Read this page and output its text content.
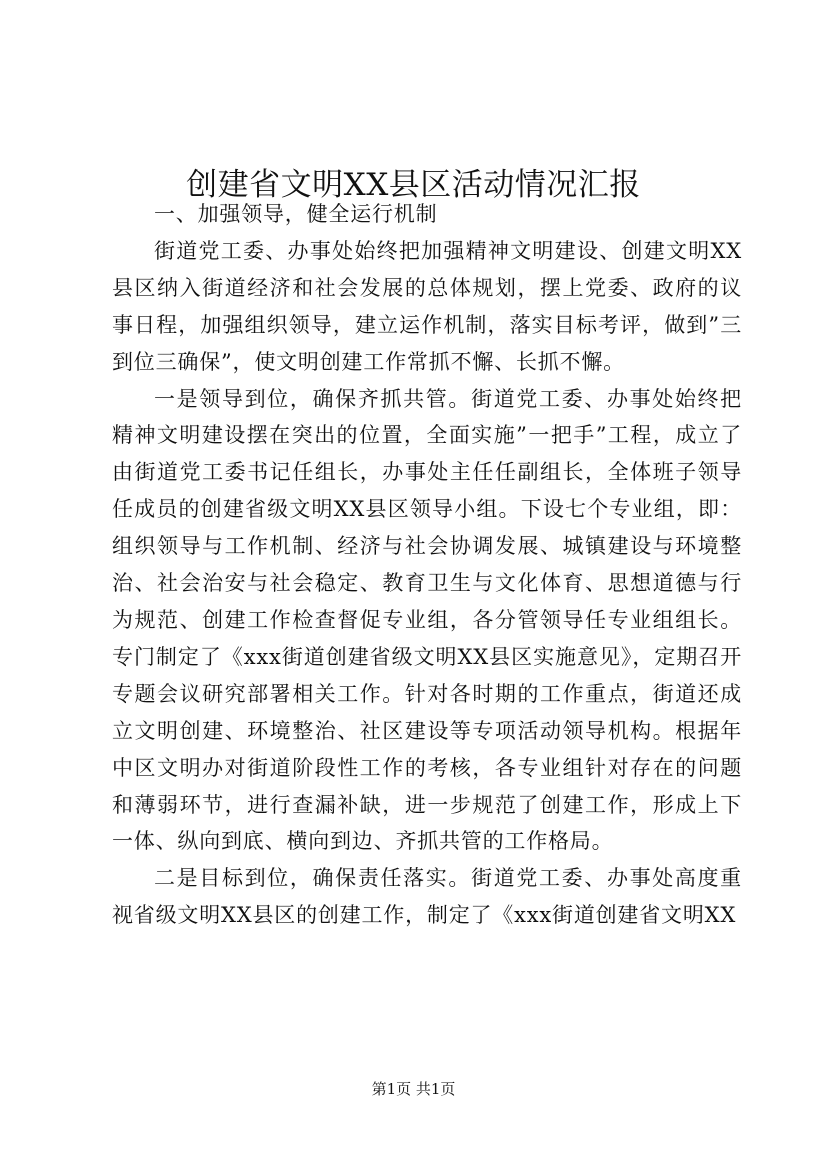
创建省文明XX县区活动情况汇报

一、加强领导，健全运行机制

街道党工委、办事处始终把加强精神文明建设、创建文明XX县区纳入街道经济和社会发展的总体规划，摆上党委、政府的议事日程，加强组织领导，建立运作机制，落实目标考评，做到”三到位三确保”，使文明创建工作常抓不懈、长抓不懈。

一是领导到位，确保齐抓共管。街道党工委、办事处始终把精神文明建设摆在突出的位置，全面实施”一把手”工程，成立了由街道党工委书记任组长，办事处主任任副组长，全体班子领导任成员的创建省级文明XX县区领导小组。下设七个专业组，即：组织领导与工作机制、经济与社会协调发展、城镇建设与环境整治、社会治安与社会稳定、教育卫生与文化体育、思想道德与行为规范、创建工作检查督促专业组，各分管领导任专业组组长。专门制定了《xxx街道创建省级文明XX县区实施意见》，定期召开专题会议研究部署相关工作。针对各时期的工作重点，街道还成立文明创建、环境整治、社区建设等专项活动领导机构。根据年中区文明办对街道阶段性工作的考核，各专业组针对存在的问题和薄弱环节，进行查漏补缺，进一步规范了创建工作，形成上下一体、纵向到底、横向到边、齐抓共管的工作格局。

二是目标到位，确保责任落实。街道党工委、办事处高度重视省级文明XX县区的创建工作，制定了《xxx街道创建省文明XX

第1页 共1页
